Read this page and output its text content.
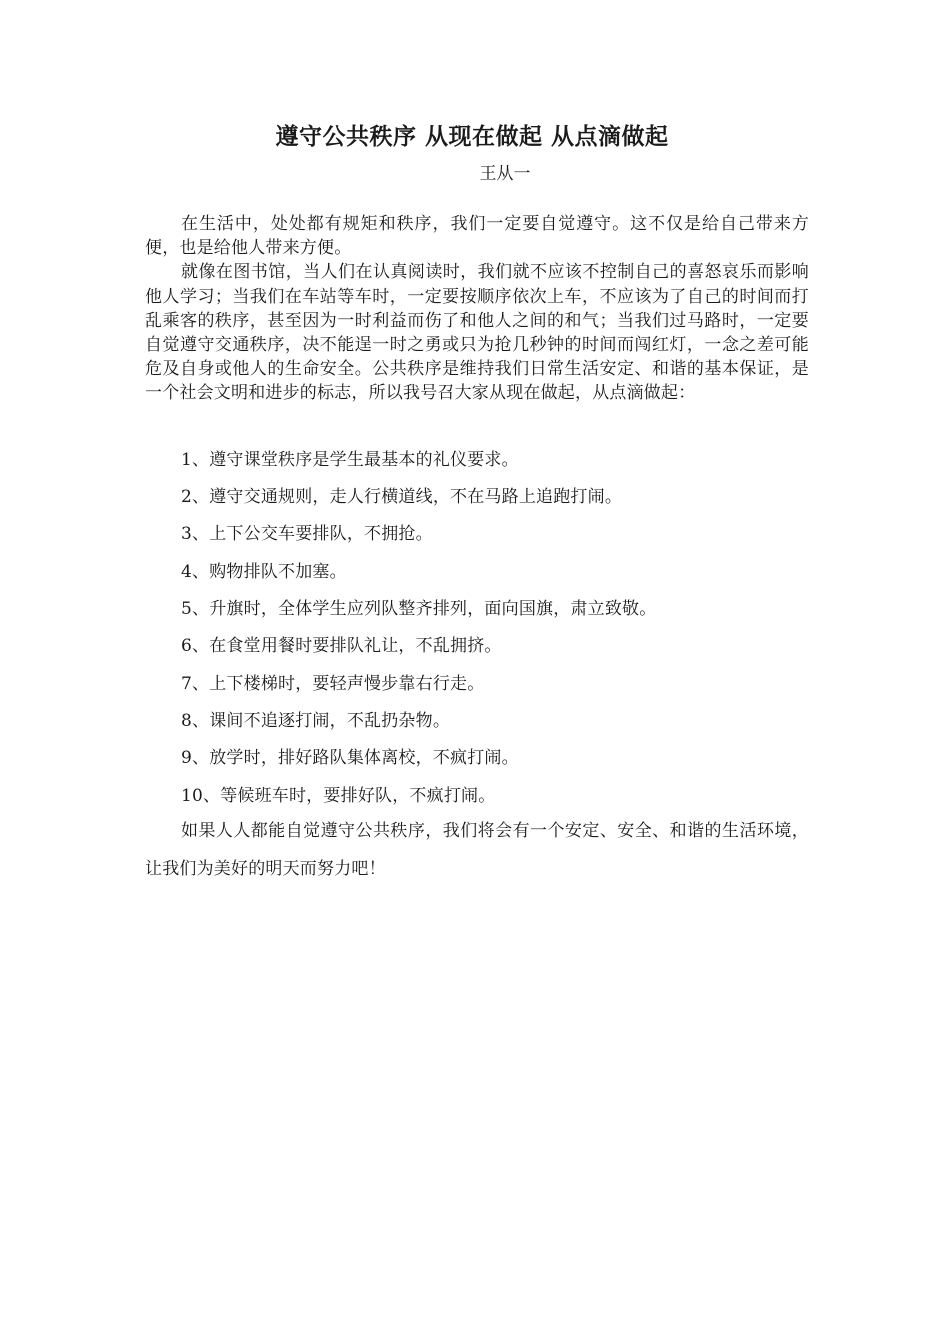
遵守公共秩序 从现在做起 从点滴做起
王从一

在生活中，处处都有规矩和秩序，我们一定要自觉遵守。这不仅是给自己带来方便，也是给他人带来方便。

就像在图书馆，当人们在认真阅读时，我们就不应该不控制自己的喜怒哀乐而影响他人学习；当我们在车站等车时，一定要按顺序依次上车，不应该为了自己的时间而打乱乘客的秩序，甚至因为一时利益而伤了和他人之间的和气；当我们过马路时，一定要自觉遵守交通秩序，决不能逞一时之勇或只为抢几秒钟的时间而闯红灯，一念之差可能危及自身或他人的生命安全。公共秩序是维持我们日常生活安定、和谐的基本保证，是一个社会文明和进步的标志，所以我号召大家从现在做起，从点滴做起：

1、遵守课堂秩序是学生最基本的礼仪要求。
2、遵守交通规则，走人行横道线，不在马路上追跑打闹。
3、上下公交车要排队，不拥抢。
4、购物排队不加塞。
5、升旗时，全体学生应列队整齐排列，面向国旗，肃立致敬。
6、在食堂用餐时要排队礼让，不乱拥挤。
7、上下楼梯时，要轻声慢步靠右行走。
8、课间不追逐打闹，不乱扔杂物。
9、放学时，排好路队集体离校，不疯打闹。
10、等候班车时，要排好队，不疯打闹。

如果人人都能自觉遵守公共秩序，我们将会有一个安定、安全、和谐的生活环境，让我们为美好的明天而努力吧！
